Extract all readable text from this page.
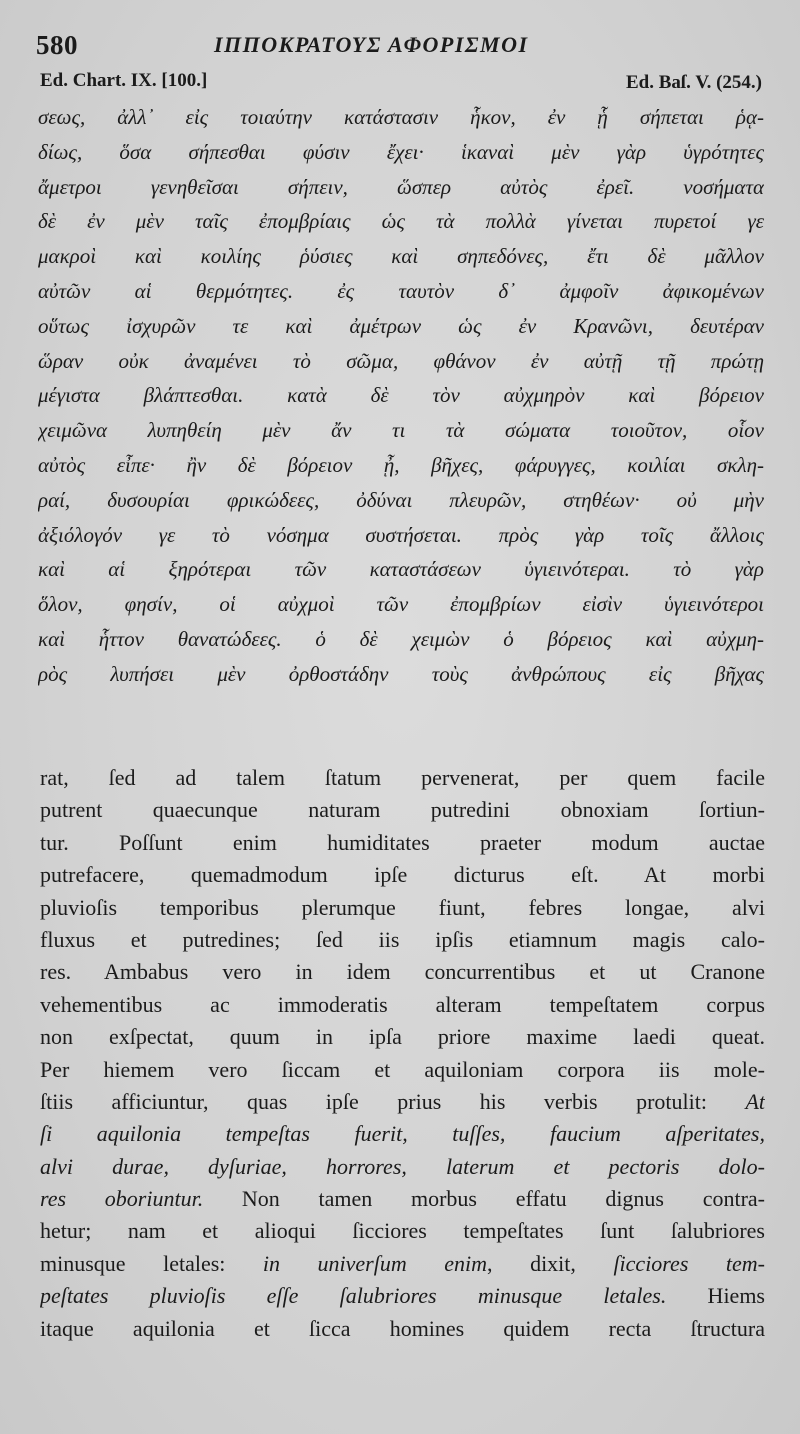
580	ΙΠΠΟΚΡΑΤΟΥΣ ΑΦΟΡΙΣΜΟΙ
Ed. Chart. IX. [100.]	Ed. Baſ. V. (254.)
σεως, ἀλλ᾽ εἰς τοιαύτην κατάστασιν ἧκον, ἐν ᾗ σήπεται ῥᾳ-
δίως, ὅσα σήπεσθαι φύσιν ἔχει· ἱκαναὶ μὲν γὰρ ὑγρότητες
ἄμετροι γενηθεῖσαι σήπειν, ὥσπερ αὐτὸς ἐρεῖ. νοσήματα
δὲ ἐν μὲν ταῖς ἐπομβρίαις ὡς τὰ πολλὰ γίνεται πυρετοί γε
μακροὶ καὶ κοιλίης ῥύσιες καὶ σηπεδόνες, ἔτι δὲ μᾶλλον
αὐτῶν αἱ θερμότητες. ἐς ταυτὸν δ᾽ ἀμφοῖν ἀφικομένων
οὕτως ἰσχυρῶν τε καὶ ἀμέτρων ὡς ἐν Κρανῶνι, δευτέραν
ὥραν οὐκ ἀναμένει τὸ σῶμα, φθάνον ἐν αὐτῇ τῇ πρώτῃ
μέγιστα βλάπτεσθαι. κατὰ δὲ τὸν αὐχμηρὸν καὶ βόρειον
χειμῶνα λυπηθείη μὲν ἄν τι τὰ σώματα τοιοῦτον, οἷον
αὐτὸς εἶπε· ἢν δὲ βόρειον ᾖ, βῆχες, φάρυγγες, κοιλίαι σκλη-
ραί, δυσουρίαι φρικώδεες, ὀδύναι πλευρῶν, στηθέων· οὐ μὴν
ἀξιόλογόν γε τὸ νόσημα συστήσεται. πρὸς γὰρ τοῖς ἄλλοις
καὶ αἱ ξηρότεραι τῶν καταστάσεων ὑγιεινότεραι. τὸ γὰρ
ὅλον, φησίν, οἱ αὐχμοὶ τῶν ἐπομβρίων εἰσὶν ὑγιεινότεροι
καὶ ἧττον θανατώδεες. ὁ δὲ χειμὼν ὁ βόρειος καὶ αὐχμη-
ρὸς λυπήσει μὲν ὀρθοστάδην τοὺς ἀνθρώπους εἰς βῆχας
rat, ſed ad talem ſtatum pervenerat, per quem facile
putrent quaecunque naturam putredini obnoxiam ſortiun-
tur. Poſſunt enim humiditates praeter modum auctae
putrefacere, quemadmodum ipſe dicturus eſt. At morbi
pluvioſis temporibus plerumque fiunt, febres longae, alvi
fluxus et putredines; ſed iis ipſis etiamnum magis calo-
res. Ambabus vero in idem concurrentibus et ut Cranone
vehementibus ac immoderatis alteram tempeſtatem corpus
non exſpectat, quum in ipſa priore maxime laedi queat.
Per hiemem vero ſiccam et aquiloniam corpora iis mole-
ſtiis afficiuntur, quas ipſe prius his verbis protulit: At
ſi aquilonia tempeſtas fuerit, tuſſes, faucium aſperitates,
alvi durae, dyſuriae, horrores, laterum et pectoris dolo-
res oboriuntur. Non tamen morbus effatu dignus contra-
hetur; nam et alioqui ſicciores tempeſtates ſunt ſalubriores
minusque letales: in univerſum enim, dixit, ſicciores tem-
peſtates pluvioſis eſſe ſalubriores minusque letales. Hiems
itaque aquilonia et ſicca homines quidem recta ſtructura
